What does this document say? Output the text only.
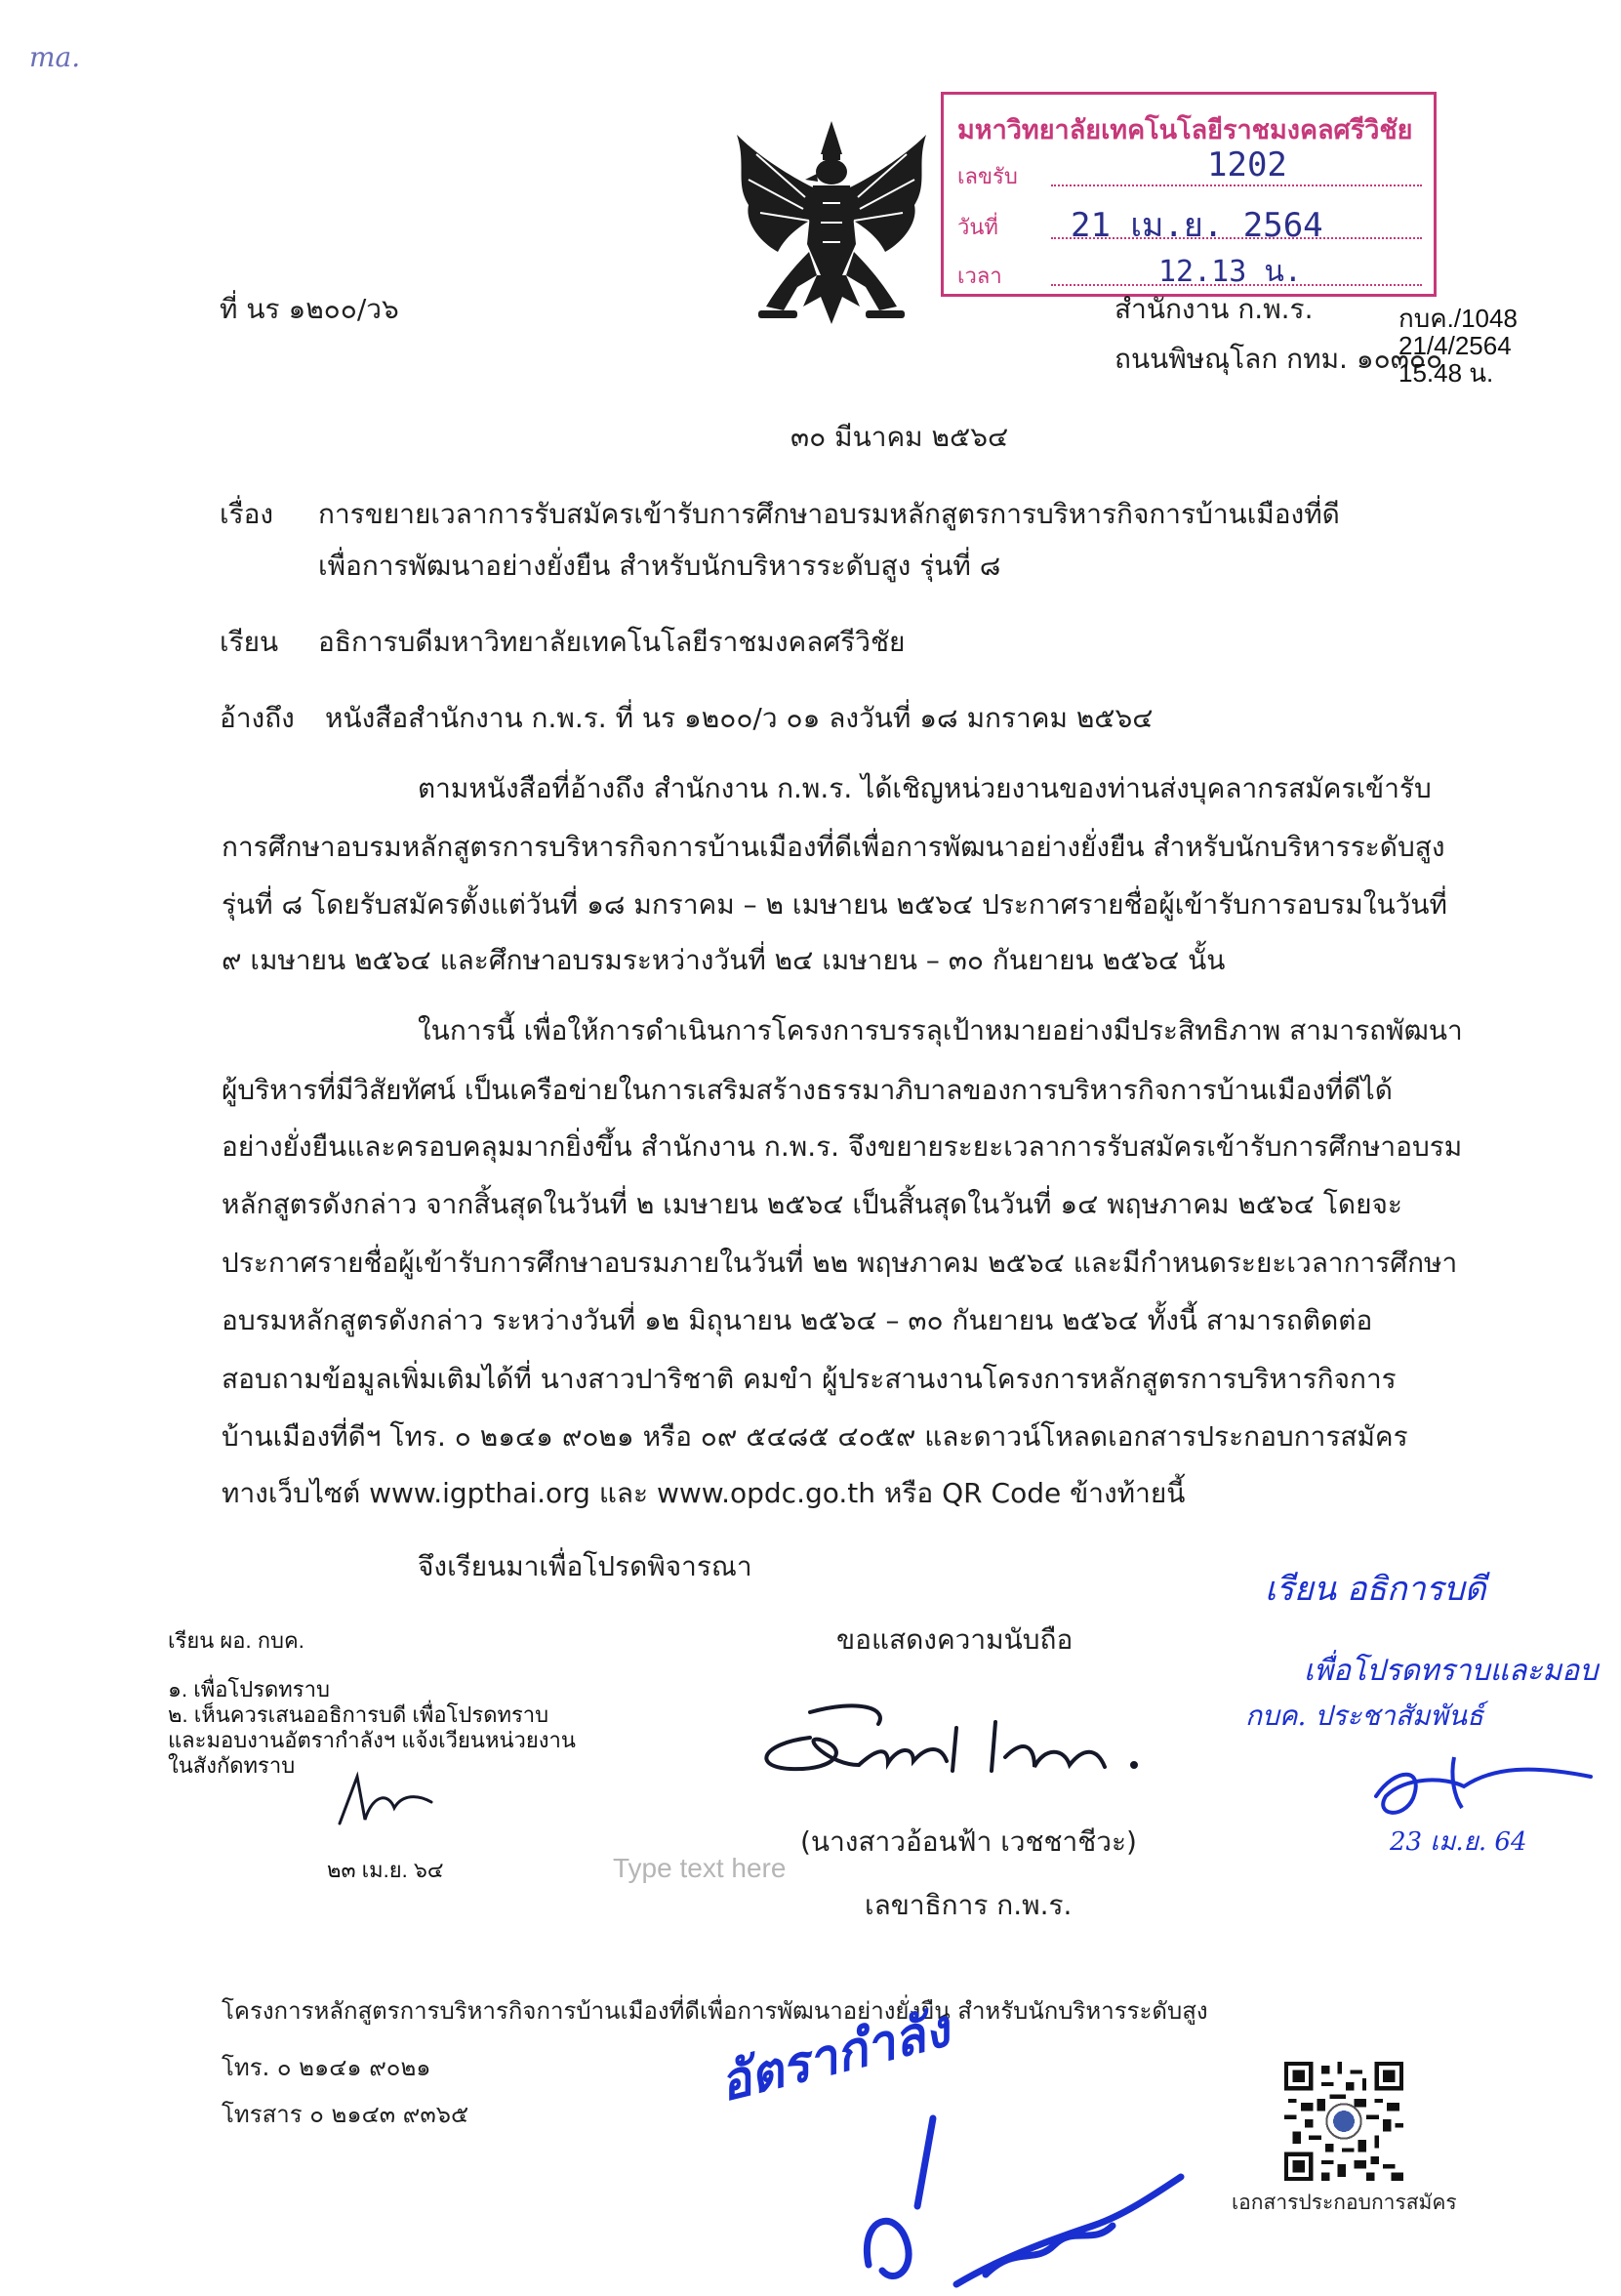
ma.
มหาวิทยาลัยเทคโนโลยีราชมงคลศรีวิชัย
เลขรับ	1202
วันที่ 21 เม.ย. 2564
เวลา	12.13 น.
ที่ นร ๑๒๐๐/ว๖	สำนักงาน ก.พ.ร.
ถนนพิษณุโลก กทม. ๑๐๓๐๐
กบค./1048
21/4/2564
15.48 น.
๓๐ มีนาคม ๒๕๖๔
เรื่อง การขยายเวลาการรับสมัครเข้ารับการศึกษาอบรมหลักสูตรการบริหารกิจการบ้านเมืองที่ดี
เพื่อการพัฒนาอย่างยั่งยืน สำหรับนักบริหารระดับสูง รุ่นที่ ๘
เรียน อธิการบดีมหาวิทยาลัยเทคโนโลยีราชมงคลศรีวิชัย
อ้างถึง หนังสือสำนักงาน ก.พ.ร. ที่ นร ๑๒๐๐/ว ๐๑ ลงวันที่ ๑๘ มกราคม ๒๕๖๔
ตามหนังสือที่อ้างถึง สำนักงาน ก.พ.ร. ได้เชิญหน่วยงานของท่านส่งบุคลากรสมัครเข้ารับ
การศึกษาอบรมหลักสูตรการบริหารกิจการบ้านเมืองที่ดีเพื่อการพัฒนาอย่างยั่งยืน สำหรับนักบริหารระดับสูง
รุ่นที่ ๘ โดยรับสมัครตั้งแต่วันที่ ๑๘ มกราคม – ๒ เมษายน ๒๕๖๔ ประกาศรายชื่อผู้เข้ารับการอบรมในวันที่
๙ เมษายน ๒๕๖๔ และศึกษาอบรมระหว่างวันที่ ๒๔ เมษายน – ๓๐ กันยายน ๒๕๖๔ นั้น
ในการนี้ เพื่อให้การดำเนินการโครงการบรรลุเป้าหมายอย่างมีประสิทธิภาพ สามารถพัฒนา
ผู้บริหารที่มีวิสัยทัศน์ เป็นเครือข่ายในการเสริมสร้างธรรมาภิบาลของการบริหารกิจการบ้านเมืองที่ดีได้
อย่างยั่งยืนและครอบคลุมมากยิ่งขึ้น สำนักงาน ก.พ.ร. จึงขยายระยะเวลาการรับสมัครเข้ารับการศึกษาอบรม
หลักสูตรดังกล่าว จากสิ้นสุดในวันที่ ๒ เมษายน ๒๕๖๔ เป็นสิ้นสุดในวันที่ ๑๔ พฤษภาคม ๒๕๖๔ โดยจะ
ประกาศรายชื่อผู้เข้ารับการศึกษาอบรมภายในวันที่ ๒๒ พฤษภาคม ๒๕๖๔ และมีกำหนดระยะเวลาการศึกษา
อบรมหลักสูตรดังกล่าว ระหว่างวันที่ ๑๒ มิถุนายน ๒๕๖๔ – ๓๐ กันยายน ๒๕๖๔ ทั้งนี้ สามารถติดต่อ
สอบถามข้อมูลเพิ่มเติมได้ที่ นางสาวปาริชาติ คมขำ ผู้ประสานงานโครงการหลักสูตรการบริหารกิจการ
บ้านเมืองที่ดีฯ โทร. ๐ ๒๑๔๑ ๙๐๒๑ หรือ ๐๙ ๕๔๘๕ ๔๐๕๙ และดาวน์โหลดเอกสารประกอบการสมัคร
ทางเว็บไซต์ www.igpthai.org และ www.opdc.go.th หรือ QR Code ข้างท้ายนี้
จึงเรียนมาเพื่อโปรดพิจารณา
เรียน อธิการบดี
เพื่อโปรดทราบและมอบ
กบค. ประชาสัมพันธ์
23 เม.ย. 64
เรียน ผอ. กบค.
๑. เพื่อโปรดทราบ
๒. เห็นควรเสนออธิการบดี เพื่อโปรดทราบ
และมอบงานอัตรากำลังฯ แจ้งเวียนหน่วยงาน
ในสังกัดทราบ
๒๓ เม.ย. ๖๔
ขอแสดงความนับถือ
(นางสาวอ้อนฟ้า เวชชาชีวะ)
Type text here
เลขาธิการ ก.พ.ร.
โครงการหลักสูตรการบริหารกิจการบ้านเมืองที่ดีเพื่อการพัฒนาอย่างยั่งยืน สำหรับนักบริหารระดับสูง
โทร. ๐ ๒๑๔๑ ๙๐๒๑
โทรสาร ๐ ๒๑๔๓ ๙๓๖๕
อัตรากำลัง
เอกสารประกอบการสมัคร
